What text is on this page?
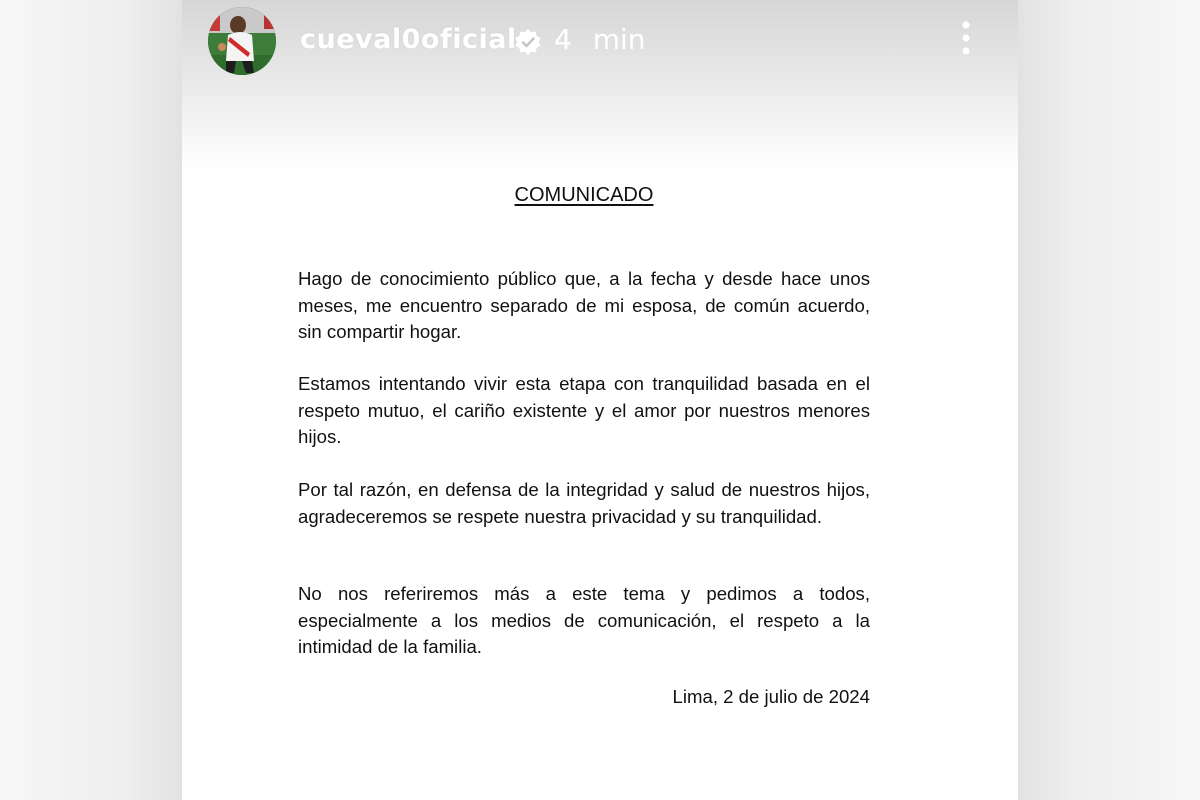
cueval0oficial 4 min
COMUNICADO

Hago de conocimiento público que, a la fecha y desde hace unos meses, me encuentro separado de mi esposa, de común acuerdo, sin compartir hogar.

Estamos intentando vivir esta etapa con tranquilidad basada en el respeto mutuo, el cariño existente y el amor por nuestros menores hijos.

Por tal razón, en defensa de la integridad y salud de nuestros hijos, agradeceremos se respete nuestra privacidad y su tranquilidad.

No nos referiremos más a este tema y pedimos a todos, especialmente a los medios de comunicación, el respeto a la intimidad de la familia.

Lima, 2 de julio de 2024
